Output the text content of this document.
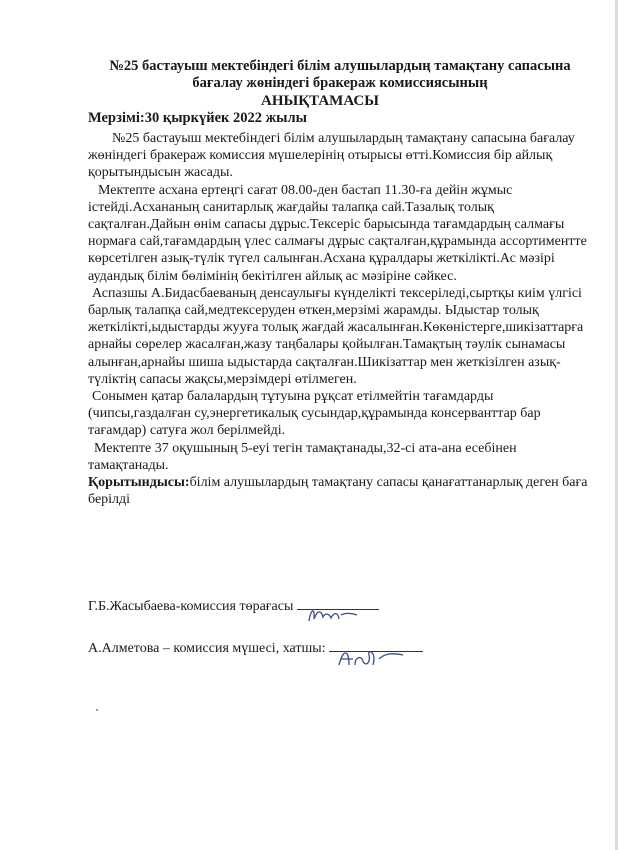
№25 бастауыш мектебіндегі білім алушылардың тамақтану сапасына
бағалау жөніндегі бракераж комиссиясының
АНЫҚТАМАСЫ
Мерзімі:30 қыркүйек 2022 жылы

№25 бастауыш мектебіндегі білім алушылардың тамақтану сапасына бағалау жөніндегі бракераж комиссия мүшелерінің отырысы өтті.Комиссия бір айлық қорытындысын жасады.

Мектепте асхана ертеңгі сағат 08.00-ден бастап 11.30-ға дейін жұмыс істейді.Асхананың санитарлық жағдайы талапқа сай.Тазалық толық сақталған.Дайын өнім сапасы дұрыс.Тексеріс барысында тағамдардың салмағы нормаға сай,тағамдардың үлес салмағы дұрыс сақталған,құрамында ассортиментте көрсетілген азық-түлік түгел салынған.Асхана құралдары жеткілікті.Ас мәзірі аудандық білім бөлімінің бекітілген айлық ас мәзіріне сәйкес.

Аспазшы А.Бидасбаеваның денсаулығы күнделікті тексеріледі,сыртқы киім үлгісі барлық талапқа сай,медтексеруден өткен,мерзімі жарамды. Ыдыстар толық жеткілікті,ыдыстарды жууға толық жағдай жасалынған.Көкөністерге,шикізаттарға арнайы сөрелер жасалған,жазу таңбалары қойылған.Тамақтың тәулік сынамасы алынған,арнайы шиша ыдыстарда сақталған.Шикізаттар мен жеткізілген азық-түліктің сапасы жақсы,мерзімдері өтілмеген.

Сонымен қатар балалардың тұтуына рұқсат етілмейтін тағамдарды (чипсы,газдалған су,энергетикалық сусындар,құрамында консерванттар бар тағамдар) сатуға жол берілмейді.

Мектепте 37 оқушының 5-еуі тегін тамақтанады,32-сі ата-ана есебінен тамақтанады.

Қорытындысы:білім алушылардың тамақтану сапасы қанағаттанарлық деген баға берілді

Г.Б.Жасыбаева-комиссия төрағасы
А.Алметова – комиссия мүшесі, хатшы:
